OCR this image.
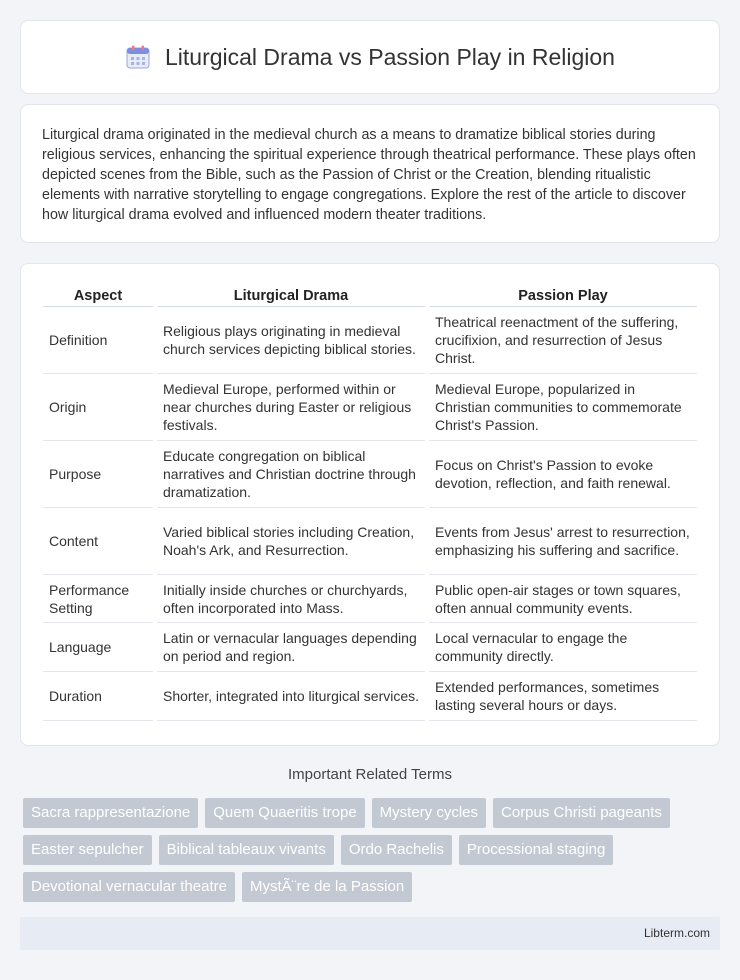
Liturgical Drama vs Passion Play in Religion

Liturgical drama originated in the medieval church as a means to dramatize biblical stories during religious services, enhancing the spiritual experience through theatrical performance. These plays often depicted scenes from the Bible, such as the Passion of Christ or the Creation, blending ritualistic elements with narrative storytelling to engage congregations. Explore the rest of the article to discover how liturgical drama evolved and influenced modern theater traditions.

Aspect	Liturgical Drama	Passion Play
Definition	Religious plays originating in medieval church services depicting biblical stories.	Theatrical reenactment of the suffering, crucifixion, and resurrection of Jesus Christ.
Origin	Medieval Europe, performed within or near churches during Easter or religious festivals.	Medieval Europe, popularized in Christian communities to commemorate Christ's Passion.
Purpose	Educate congregation on biblical narratives and Christian doctrine through dramatization.	Focus on Christ's Passion to evoke devotion, reflection, and faith renewal.
Content	Varied biblical stories including Creation, Noah's Ark, and Resurrection.	Events from Jesus' arrest to resurrection, emphasizing his suffering and sacrifice.
Performance Setting	Initially inside churches or churchyards, often incorporated into Mass.	Public open-air stages or town squares, often annual community events.
Language	Latin or vernacular languages depending on period and region.	Local vernacular to engage the community directly.
Duration	Shorter, integrated into liturgical services.	Extended performances, sometimes lasting several hours or days.
Important Related Terms
Sacra rappresentazione	Quem Quaeritis trope	Mystery cycles	Corpus Christi pageants
Easter sepulcher	Biblical tableaux vivants	Ordo Rachelis	Processional staging
Devotional vernacular theatre	MystÃ¨re de la Passion
Libterm.com
